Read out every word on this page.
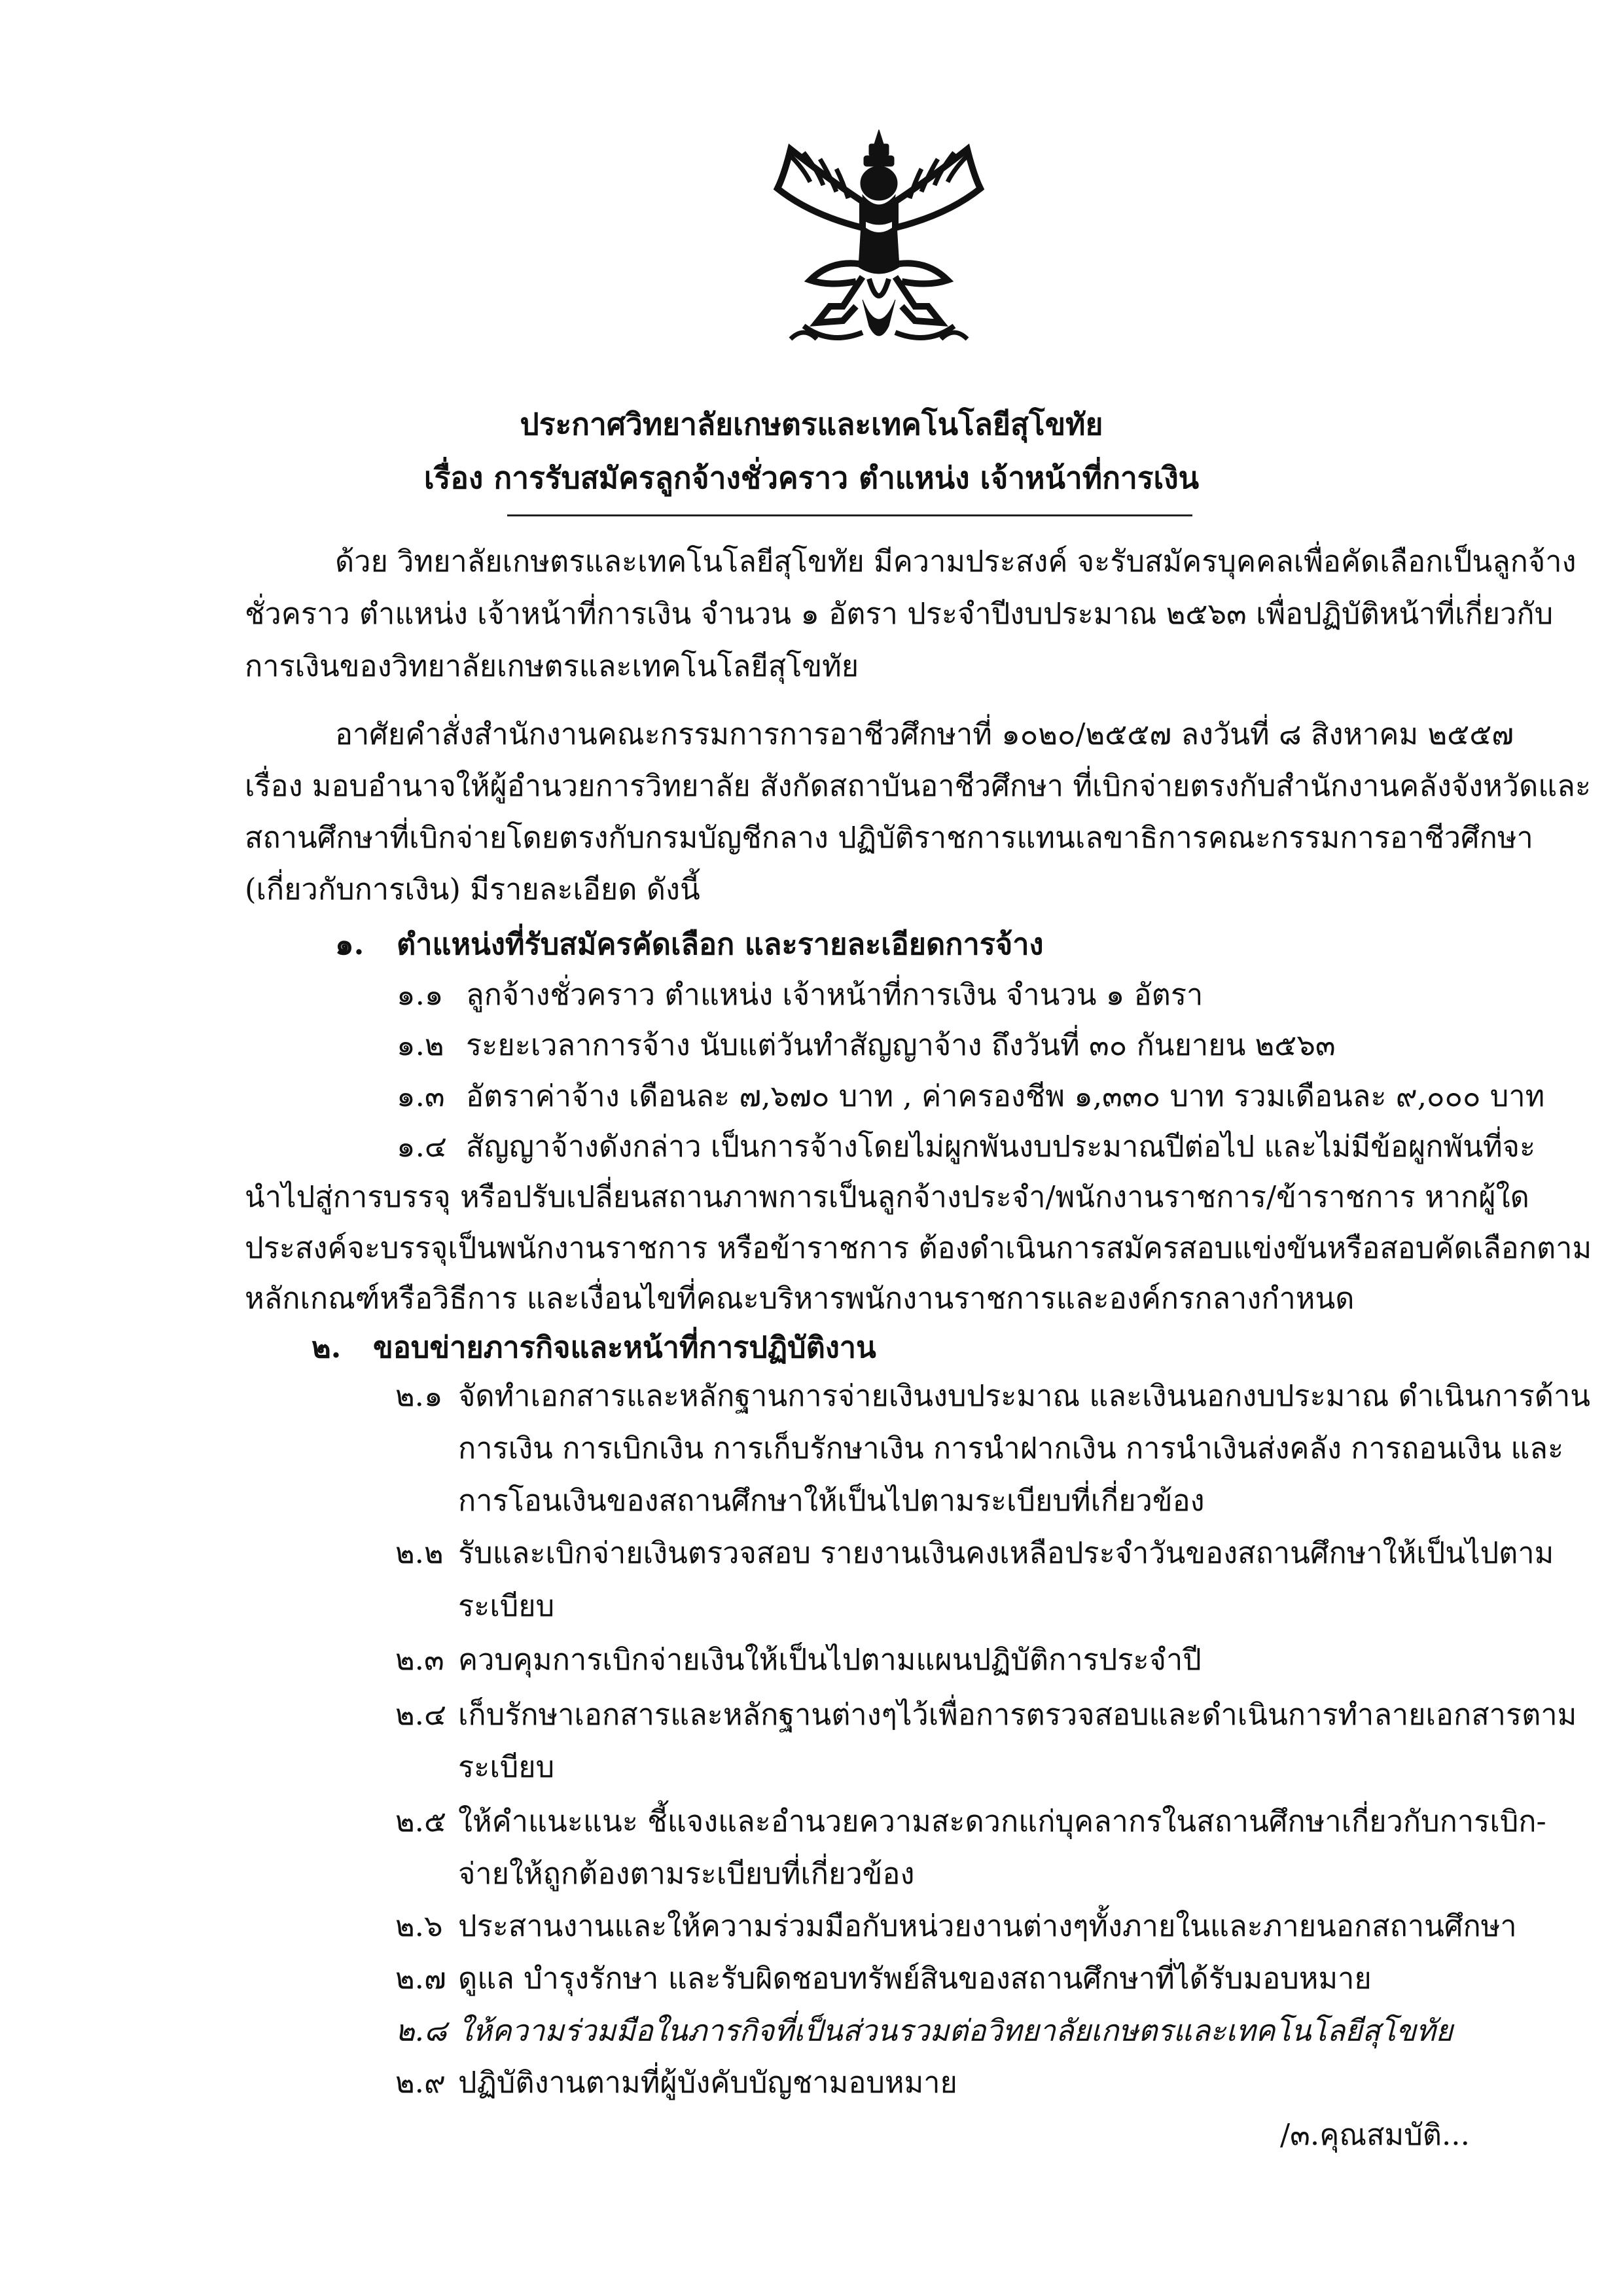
ประกาศวิทยาลัยเกษตรและเทคโนโลยีสุโขทัย
เรื่อง การรับสมัครลูกจ้างชั่วคราว ตำแหน่ง เจ้าหน้าที่การเงิน
ด้วย วิทยาลัยเกษตรและเทคโนโลยีสุโขทัย มีความประสงค์ จะรับสมัครบุคคลเพื่อคัดเลือกเป็นลูกจ้าง
ชั่วคราว ตำแหน่ง เจ้าหน้าที่การเงิน จำนวน ๑ อัตรา ประจำปีงบประมาณ ๒๕๖๓ เพื่อปฏิบัติหน้าที่เกี่ยวกับ
การเงินของวิทยาลัยเกษตรและเทคโนโลยีสุโขทัย
อาศัยคำสั่งสำนักงานคณะกรรมการการอาชีวศึกษาที่ ๑๐๒๐/๒๕๕๗ ลงวันที่ ๘ สิงหาคม ๒๕๕๗
เรื่อง มอบอำนาจให้ผู้อำนวยการวิทยาลัย สังกัดสถาบันอาชีวศึกษา ที่เบิกจ่ายตรงกับสำนักงานคลังจังหวัดและ
สถานศึกษาที่เบิกจ่ายโดยตรงกับกรมบัญชีกลาง ปฏิบัติราชการแทนเลขาธิการคณะกรรมการอาชีวศึกษา
(เกี่ยวกับการเงิน) มีรายละเอียด ดังนี้
๑. ตำแหน่งที่รับสมัครคัดเลือก และรายละเอียดการจ้าง
๑.๑ ลูกจ้างชั่วคราว ตำแหน่ง เจ้าหน้าที่การเงิน จำนวน ๑ อัตรา
๑.๒ ระยะเวลาการจ้าง นับแต่วันทำสัญญาจ้าง ถึงวันที่ ๓๐ กันยายน ๒๕๖๓
๑.๓ อัตราค่าจ้าง เดือนละ ๗,๖๗๐ บาท , ค่าครองชีพ ๑,๓๓๐ บาท รวมเดือนละ ๙,๐๐๐ บาท
๑.๔ สัญญาจ้างดังกล่าว เป็นการจ้างโดยไม่ผูกพันงบประมาณปีต่อไป และไม่มีข้อผูกพันที่จะ
นำไปสู่การบรรจุ หรือปรับเปลี่ยนสถานภาพการเป็นลูกจ้างประจำ/พนักงานราชการ/ข้าราชการ หากผู้ใด
ประสงค์จะบรรจุเป็นพนักงานราชการ หรือข้าราชการ ต้องดำเนินการสมัครสอบแข่งขันหรือสอบคัดเลือกตาม
หลักเกณฑ์หรือวิธีการ และเงื่อนไขที่คณะบริหารพนักงานราชการและองค์กรกลางกำหนด
๒. ขอบข่ายภารกิจและหน้าที่การปฏิบัติงาน
๒.๑ จัดทำเอกสารและหลักฐานการจ่ายเงินงบประมาณ และเงินนอกงบประมาณ ดำเนินการด้าน
การเงิน การเบิกเงิน การเก็บรักษาเงิน การนำฝากเงิน การนำเงินส่งคลัง การถอนเงิน และ
การโอนเงินของสถานศึกษาให้เป็นไปตามระเบียบที่เกี่ยวข้อง
๒.๒ รับและเบิกจ่ายเงินตรวจสอบ รายงานเงินคงเหลือประจำวันของสถานศึกษาให้เป็นไปตาม
ระเบียบ
๒.๓ ควบคุมการเบิกจ่ายเงินให้เป็นไปตามแผนปฏิบัติการประจำปี
๒.๔ เก็บรักษาเอกสารและหลักฐานต่างๆไว้เพื่อการตรวจสอบและดำเนินการทำลายเอกสารตาม
ระเบียบ
๒.๕ ให้คำแนะแนะ ชี้แจงและอำนวยความสะดวกแก่บุคลากรในสถานศึกษาเกี่ยวกับการเบิก-
จ่ายให้ถูกต้องตามระเบียบที่เกี่ยวข้อง
๒.๖ ประสานงานและให้ความร่วมมือกับหน่วยงานต่างๆทั้งภายในและภายนอกสถานศึกษา
๒.๗ ดูแล บำรุงรักษา และรับผิดชอบทรัพย์สินของสถานศึกษาที่ได้รับมอบหมาย
๒.๘ ให้ความร่วมมือในภารกิจที่เป็นส่วนรวมต่อวิทยาลัยเกษตรและเทคโนโลยีสุโขทัย
๒.๙ ปฏิบัติงานตามที่ผู้บังคับบัญชามอบหมาย
/๓.คุณสมบัติ...
